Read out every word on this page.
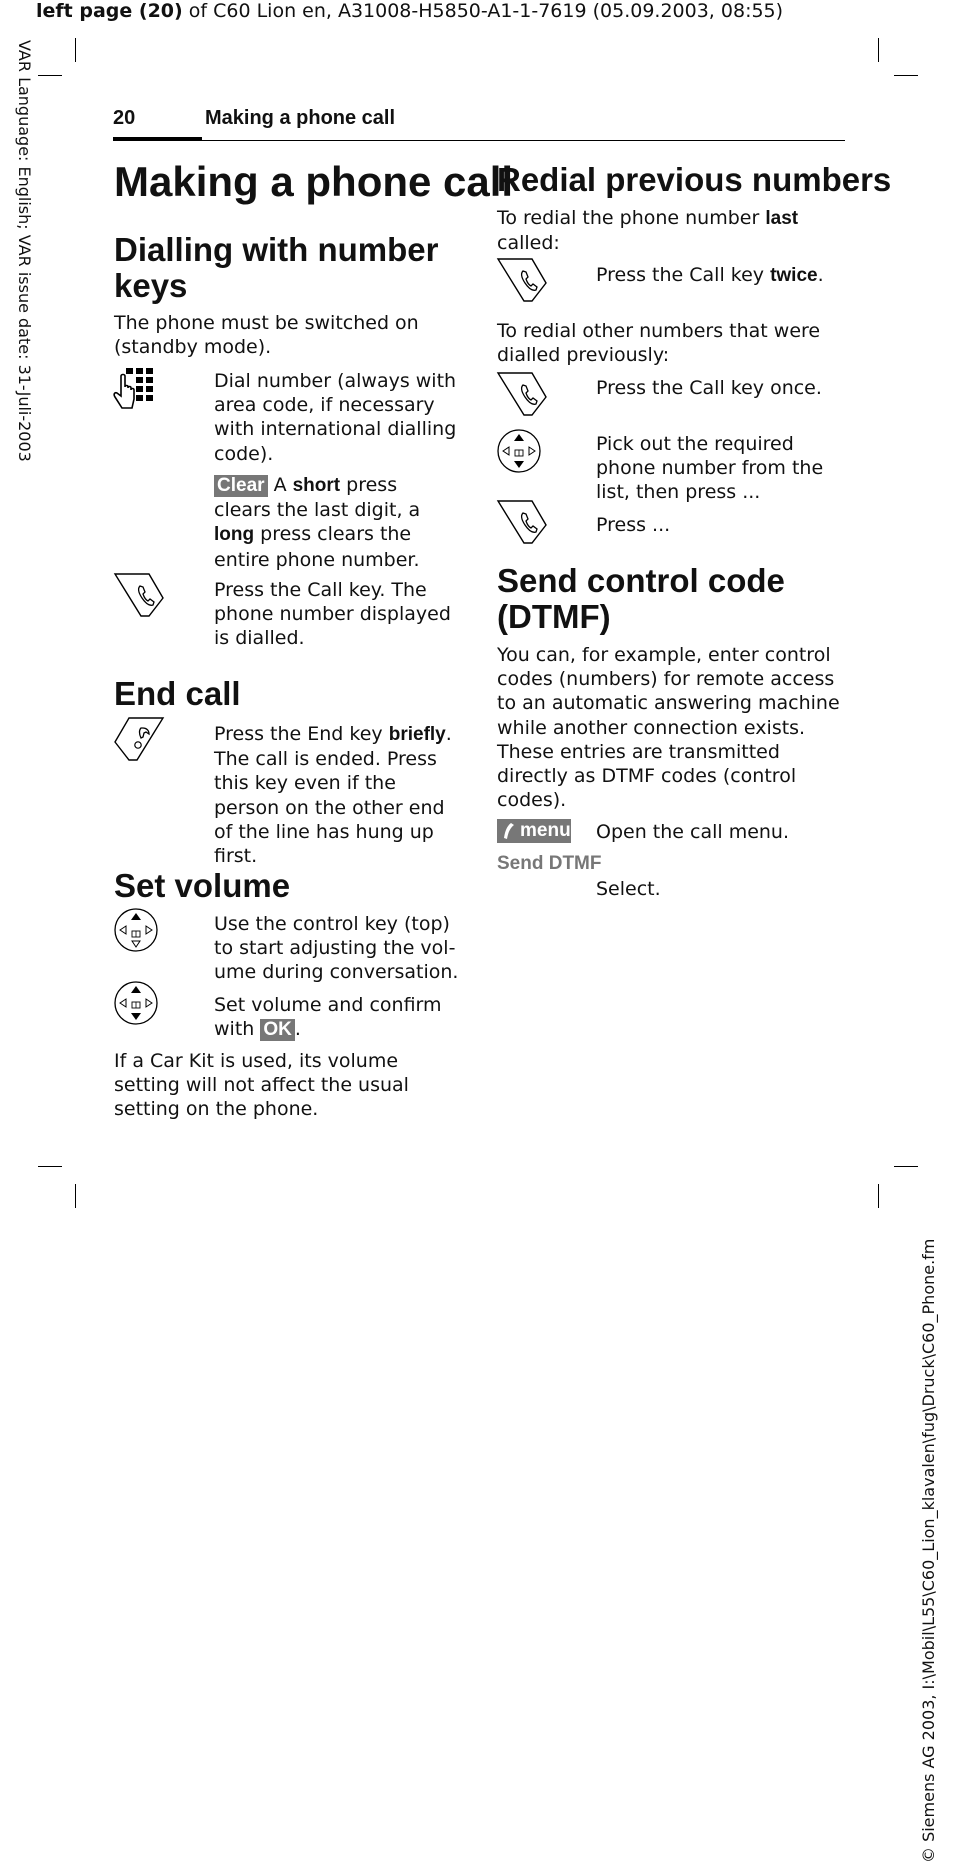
left page (20) of C60 Lion en, A31008-H5850-A1-1-7619 (05.09.2003, 08:55)
VAR Language: English; VAR issue date: 31-Juli-2003
© Siemens AG 2003, I:\Mobil\L55\C60_Lion_klavalen\fug\Druck\C60_Phone.fm
20	Making a phone call
Making a phone call
Dialling with number keys
The phone must be switched on (standby mode).
Dial number (always with area code, if necessary with international dialling code).
Clear A short press clears the last digit, a long press clears the entire phone number.
Press the Call key. The phone number displayed is dialled.
End call
Press the End key briefly. The call is ended. Press this key even if the person on the other end of the line has hung up first.
Set volume
Use the control key (top) to start adjusting the vol-ume during conversation.
Set volume and confirm with OK .
If a Car Kit is used, its volume setting will not affect the usual setting on the phone.
Redial previous numbers
To redial the phone number last called:
Press the Call key twice.
To redial other numbers that were dialled previously:
Press the Call key once.
Pick out the required phone number from the list, then press ...
Press ...
Send control code (DTMF)
You can, for example, enter control codes (numbers) for remote access to an automatic answering machine while another connection exists. These entries are transmitted directly as DTMF codes (control codes).
menu Open the call menu.
Send DTMF
Select.
